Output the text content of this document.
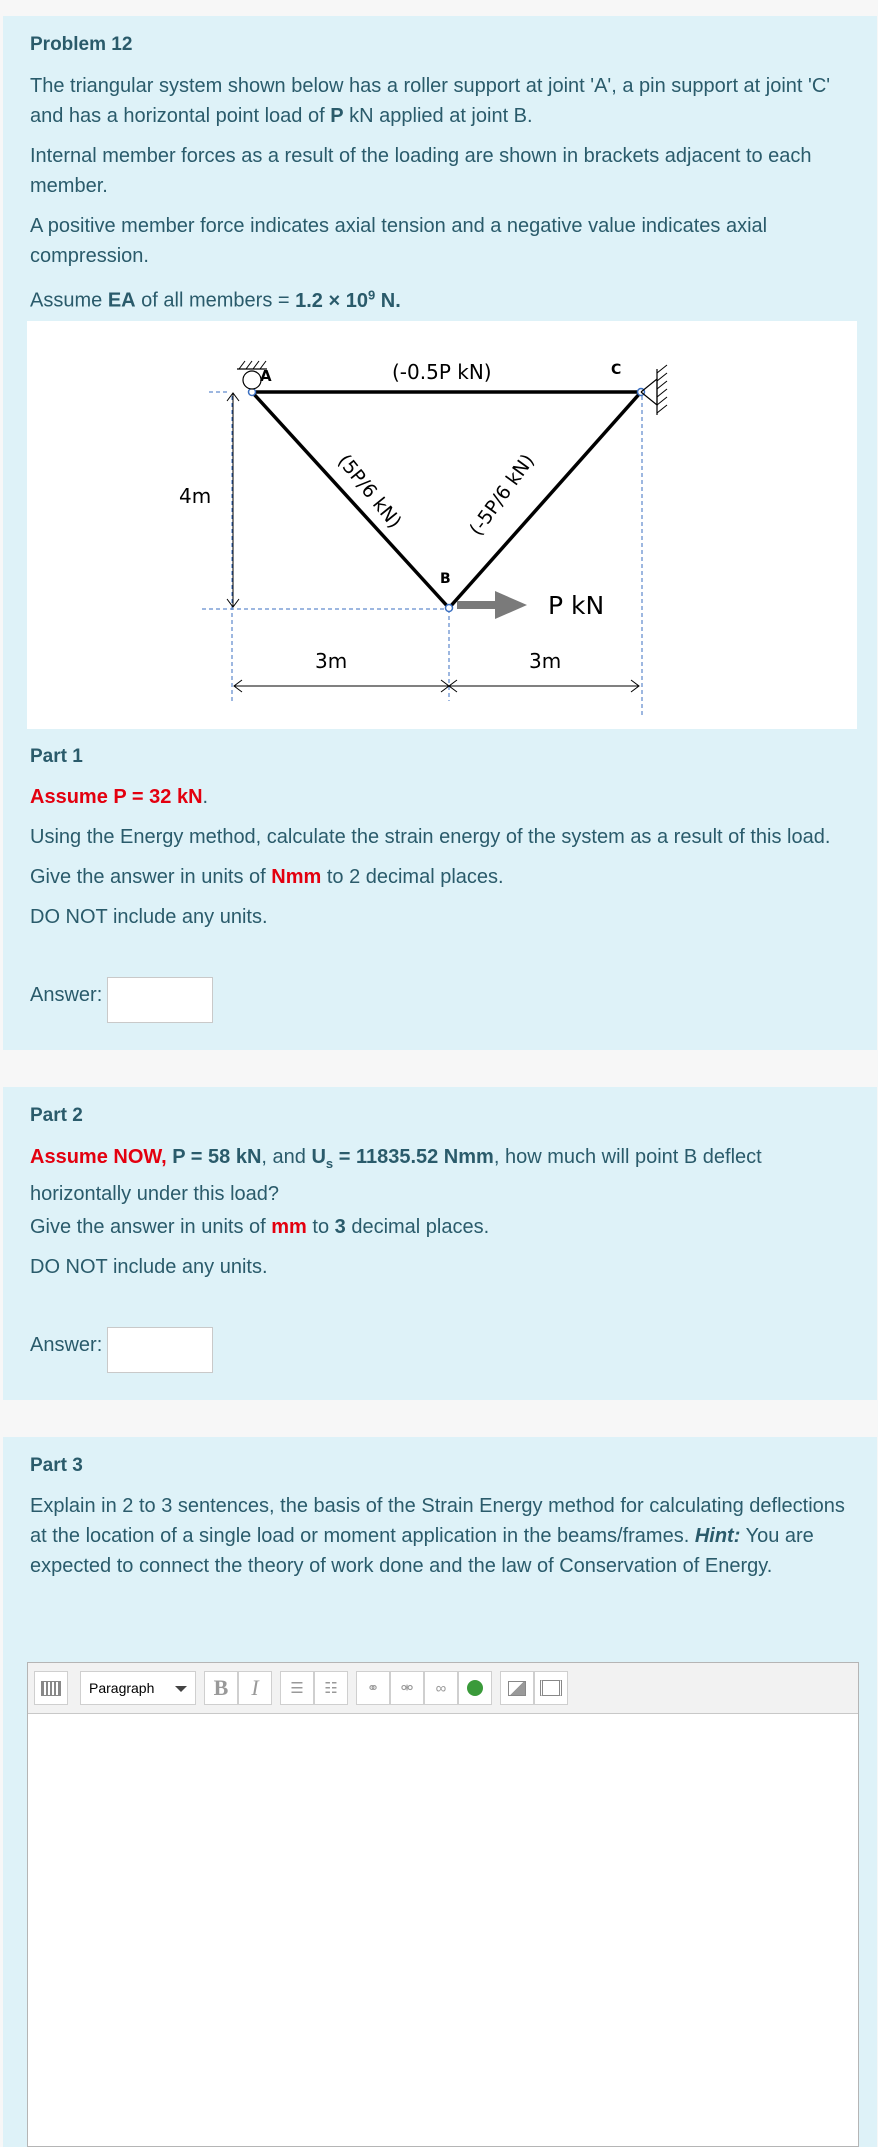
Problem 12

The triangular system shown below has a roller support at joint 'A', a pin support at joint 'C' and has a horizontal point load of P kN applied at joint B.

Internal member forces as a result of the loading are shown in brackets adjacent to each member.

A positive member force indicates axial tension and a negative value indicates axial compression.

Assume EA of all members = $1.2 \times 10^9$ N.

A
B
C
(-0.5P kN)
(5P/6 kN)	(-5P/6 kN)
4m
3m	3m
P kN

Part 1

Assume P = 32 kN.

Using the Energy method, calculate the strain energy of the system as a result of this load.

Give the answer in units of Nmm to 2 decimal places.

DO NOT include any units.

Answer:

Part 2

Assume NOW, P = 58 kN, and $U_s = 11835.52$ Nmm, how much will point B deflect horizontally under this load?

Give the answer in units of mm to 3 decimal places.

DO NOT include any units.

Answer:

Part 3

Explain in 2 to 3 sentences, the basis of the Strain Energy method for calculating deflections at the location of a single load or moment application in the beams/frames. Hint: You are expected to connect the theory of work done and the law of Conservation of Energy.

Paragraph	B	I	☰ ☷ ⚭ ⚮ ∞
